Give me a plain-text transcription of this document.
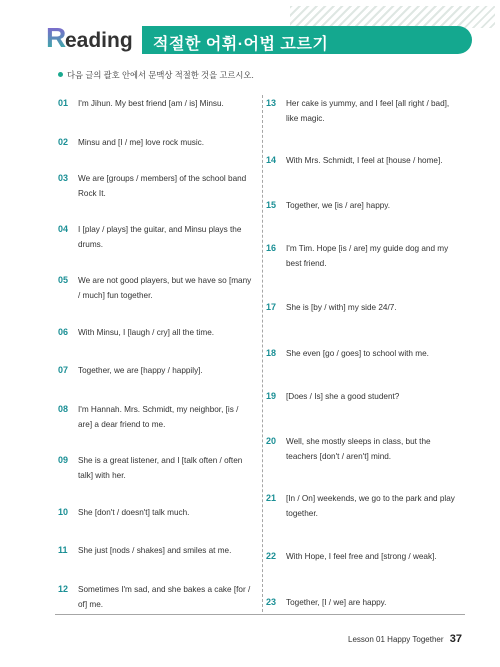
R
eading 적절한 어휘·어법 고르기
다음 글의 괄호 안에서 문맥상 적절한 것을 고르시오.
01 I'm Jihun. My best friend [am / is] Minsu.
02 Minsu and [I / me] love rock music.
03 We are [groups / members] of the school band Rock It.
04 I [play / plays] the guitar, and Minsu plays the drums.
05 We are not good players, but we have so [many / much] fun together.
06 With Minsu, I [laugh / cry] all the time.
07 Together, we are [happy / happily].
08 I'm Hannah. Mrs. Schmidt, my neighbor, [is / are] a dear friend to me.
09 She is a great listener, and I [talk often / often talk] with her.
10 She [don't / doesn't] talk much.
11 She just [nods / shakes] and smiles at me.
12 Sometimes I'm sad, and she bakes a cake [for / of] me.
13 Her cake is yummy, and I feel [all right / bad], like magic.
14 With Mrs. Schmidt, I feel at [house / home].
15 Together, we [is / are] happy.
16 I'm Tim. Hope [is / are] my guide dog and my best friend.
17 She is [by / with] my side 24/7.
18 She even [go / goes] to school with me.
19 [Does / Is] she a good student?
20 Well, she mostly sleeps in class, but the teachers [don't / aren't] mind.
21 [In / On] weekends, we go to the park and play together.
22 With Hope, I feel free and [strong / weak].
23 Together, [I / we] are happy.
Lesson 01 Happy Together 37
